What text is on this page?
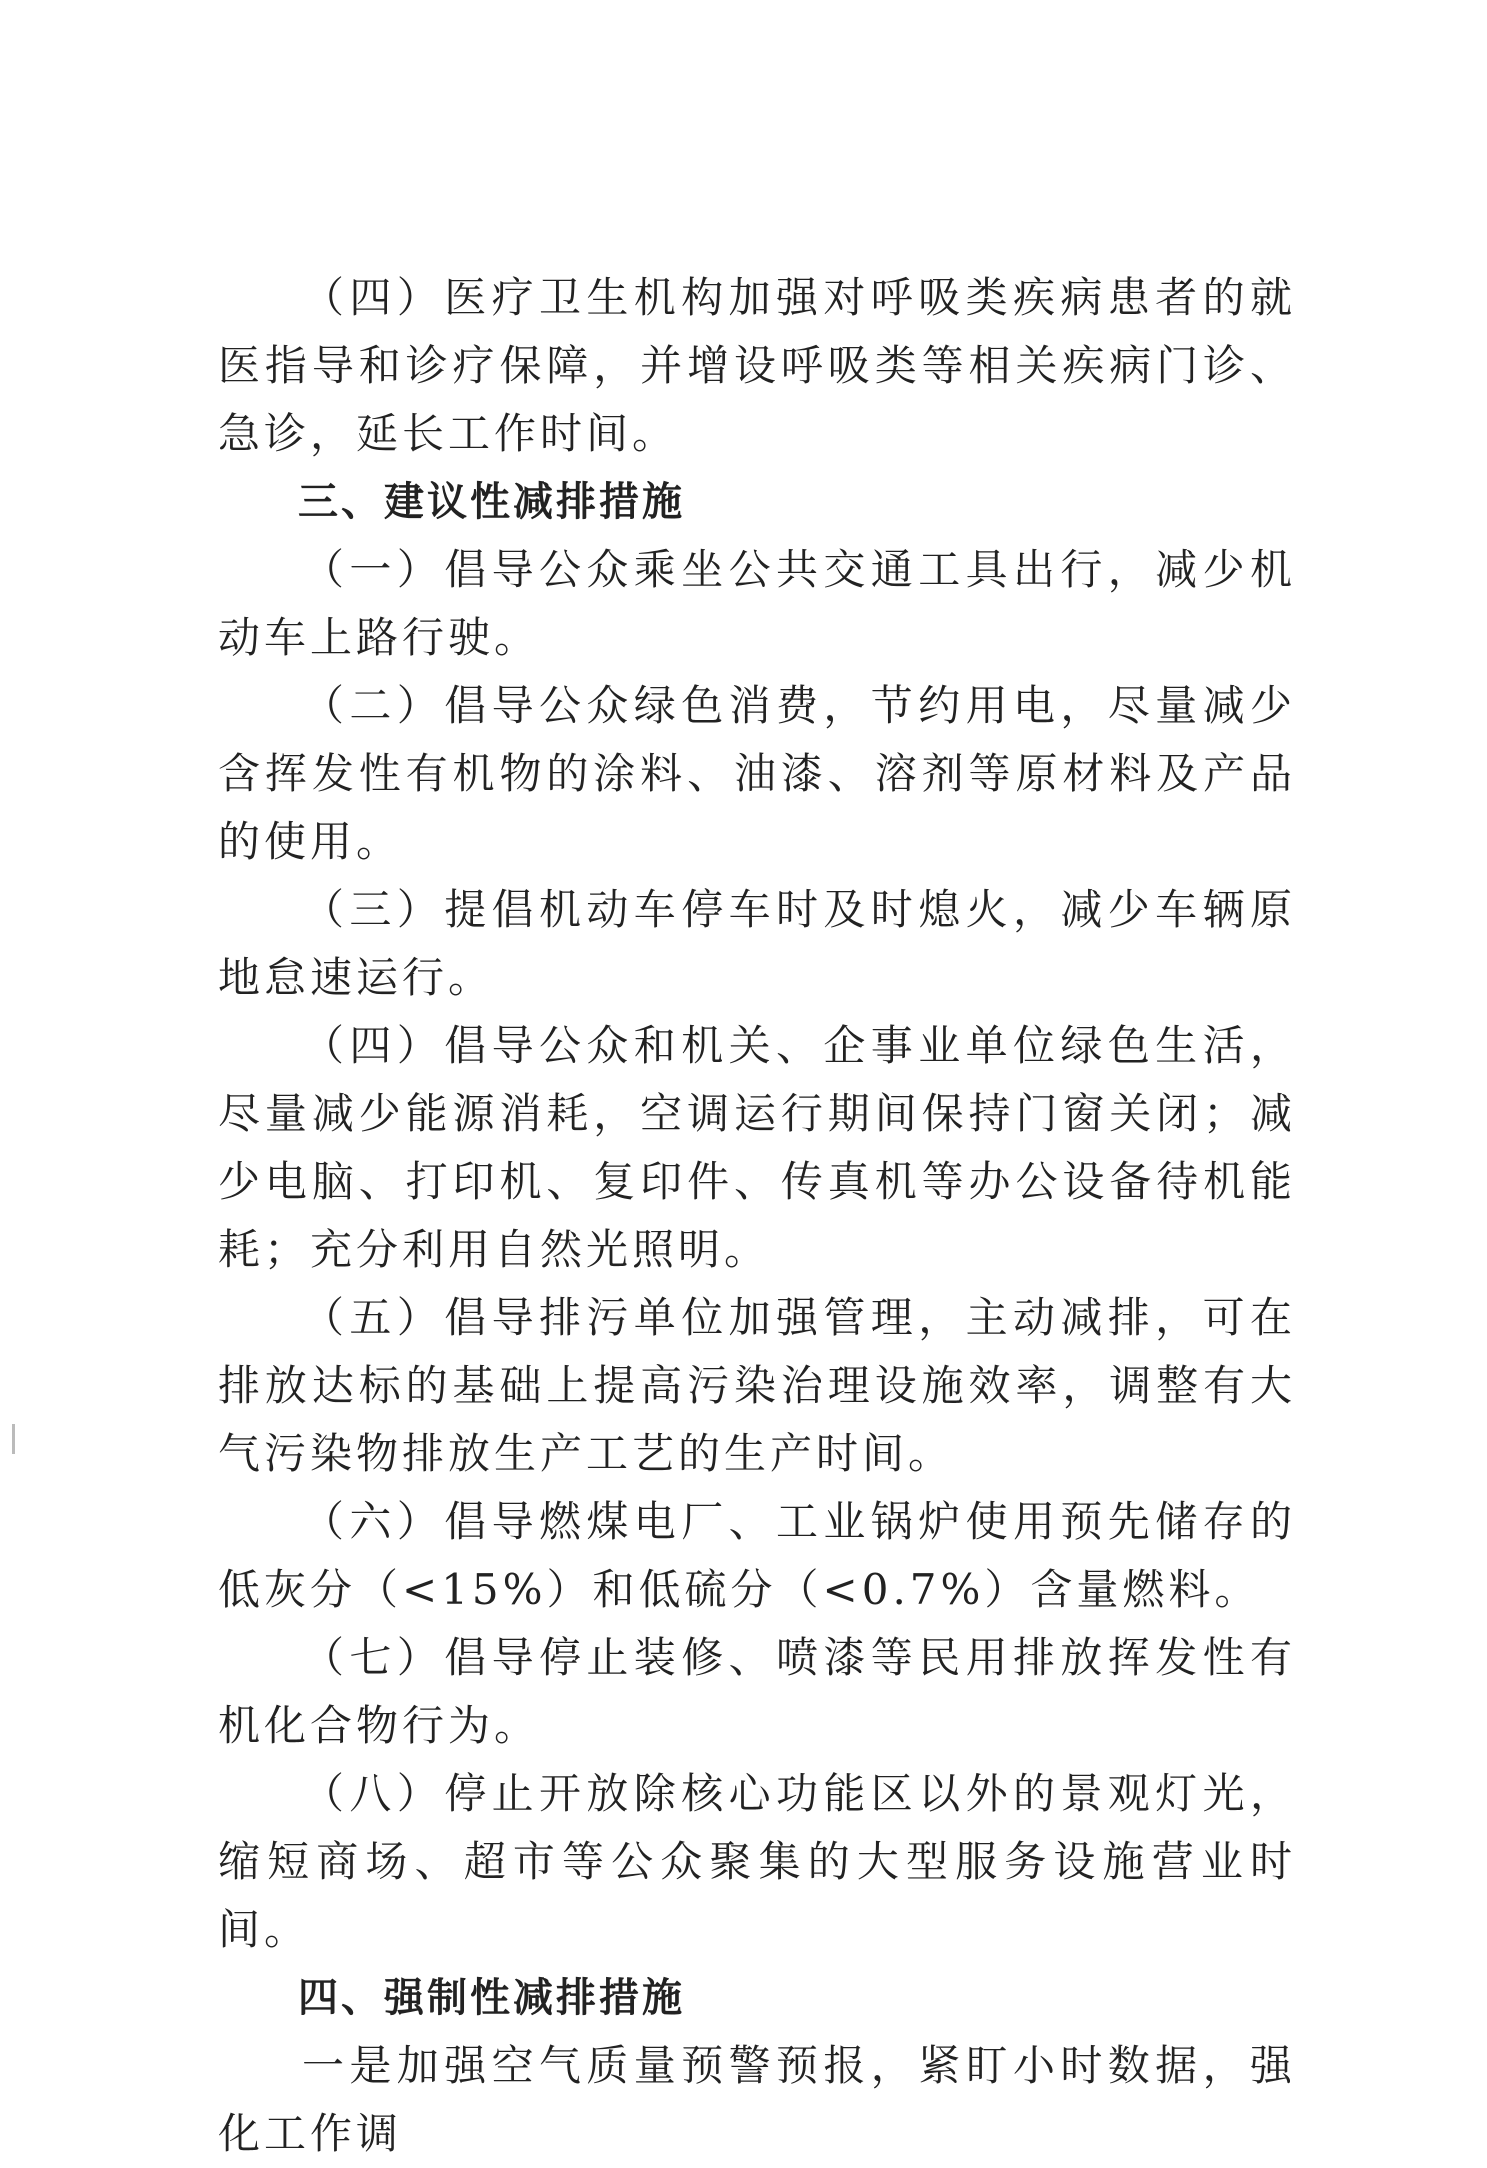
（四）医疗卫生机构加强对呼吸类疾病患者的就医指导和诊疗保障，并增设呼吸类等相关疾病门诊、急诊，延长工作时间。

三、建议性减排措施

（一）倡导公众乘坐公共交通工具出行，减少机动车上路行驶。

（二）倡导公众绿色消费，节约用电，尽量减少含挥发性有机物的涂料、油漆、溶剂等原材料及产品的使用。

（三）提倡机动车停车时及时熄火，减少车辆原地怠速运行。

（四）倡导公众和机关、企事业单位绿色生活，尽量减少能源消耗，空调运行期间保持门窗关闭；减少电脑、打印机、复印件、传真机等办公设备待机能耗；充分利用自然光照明。

（五）倡导排污单位加强管理，主动减排，可在排放达标的基础上提高污染治理设施效率，调整有大气污染物排放生产工艺的生产时间。

（六）倡导燃煤电厂、工业锅炉使用预先储存的低灰分（<15%）和低硫分（<0.7%）含量燃料。

（七）倡导停止装修、喷漆等民用排放挥发性有机化合物行为。

（八）停止开放除核心功能区以外的景观灯光，缩短商场、超市等公众聚集的大型服务设施营业时间。

四、强制性减排措施

一是加强空气质量预警预报，紧盯小时数据，强化工作调
